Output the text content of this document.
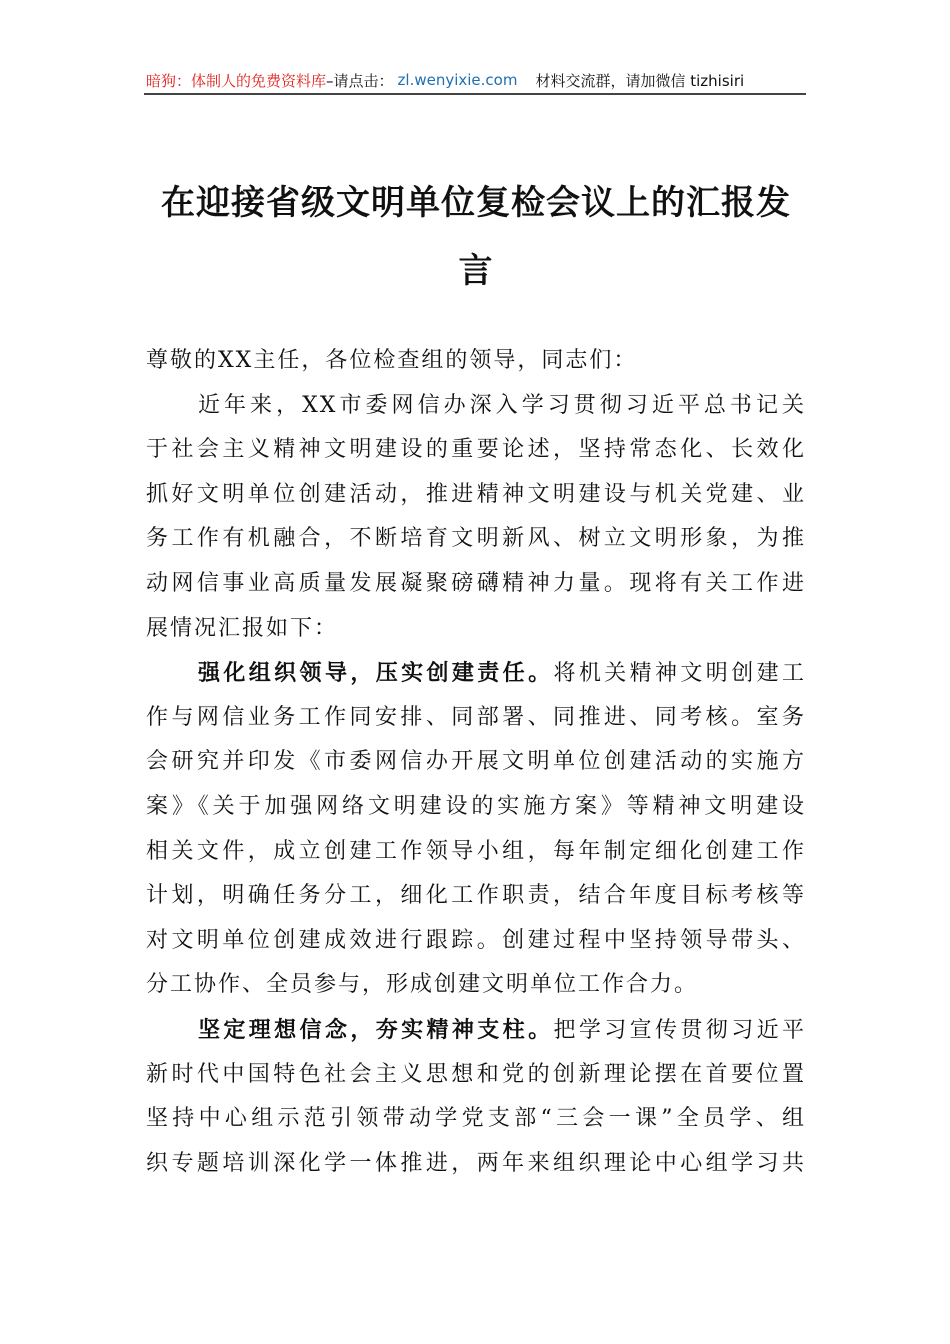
暗狗：体制人的免费资料库 –请点击： zl.wenyixie.com 材料交流群，请加微信 tizhisiri
在迎接省级文明单位复检会议上的汇报发
言
尊敬的XX主任，各位检查组的领导，同志们：
近年来，XX市委网信办深入学习贯彻习近平总书记关
于社会主义精神文明建设的重要论述，坚持常态化、长效化
抓好文明单位创建活动，推进精神文明建设与机关党建、业
务工作有机融合，不断培育文明新风、树立文明形象，为推
动网信事业高质量发展凝聚磅礴精神力量。现将有关工作进
展情况汇报如下：
强化组织领导，压实创建责任。将机关精神文明创建工
作与网信业务工作同安排、同部署、同推进、同考核。室务
会研究并印发《市委网信办开展文明单位创建活动的实施方
案》《关于加强网络文明建设的实施方案》等精神文明建设
相关文件，成立创建工作领导小组，每年制定细化创建工作
计划，明确任务分工，细化工作职责，结合年度目标考核等
对文明单位创建成效进行跟踪。创建过程中坚持领导带头、
分工协作、全员参与，形成创建文明单位工作合力。
坚定理想信念，夯实精神支柱。把学习宣传贯彻习近平
新时代中国特色社会主义思想和党的创新理论摆在首要位置
坚持中心组示范引领带动学党支部“三会一课”全员学、组
织专题培训深化学一体推进，两年来组织理论中心组学习共
